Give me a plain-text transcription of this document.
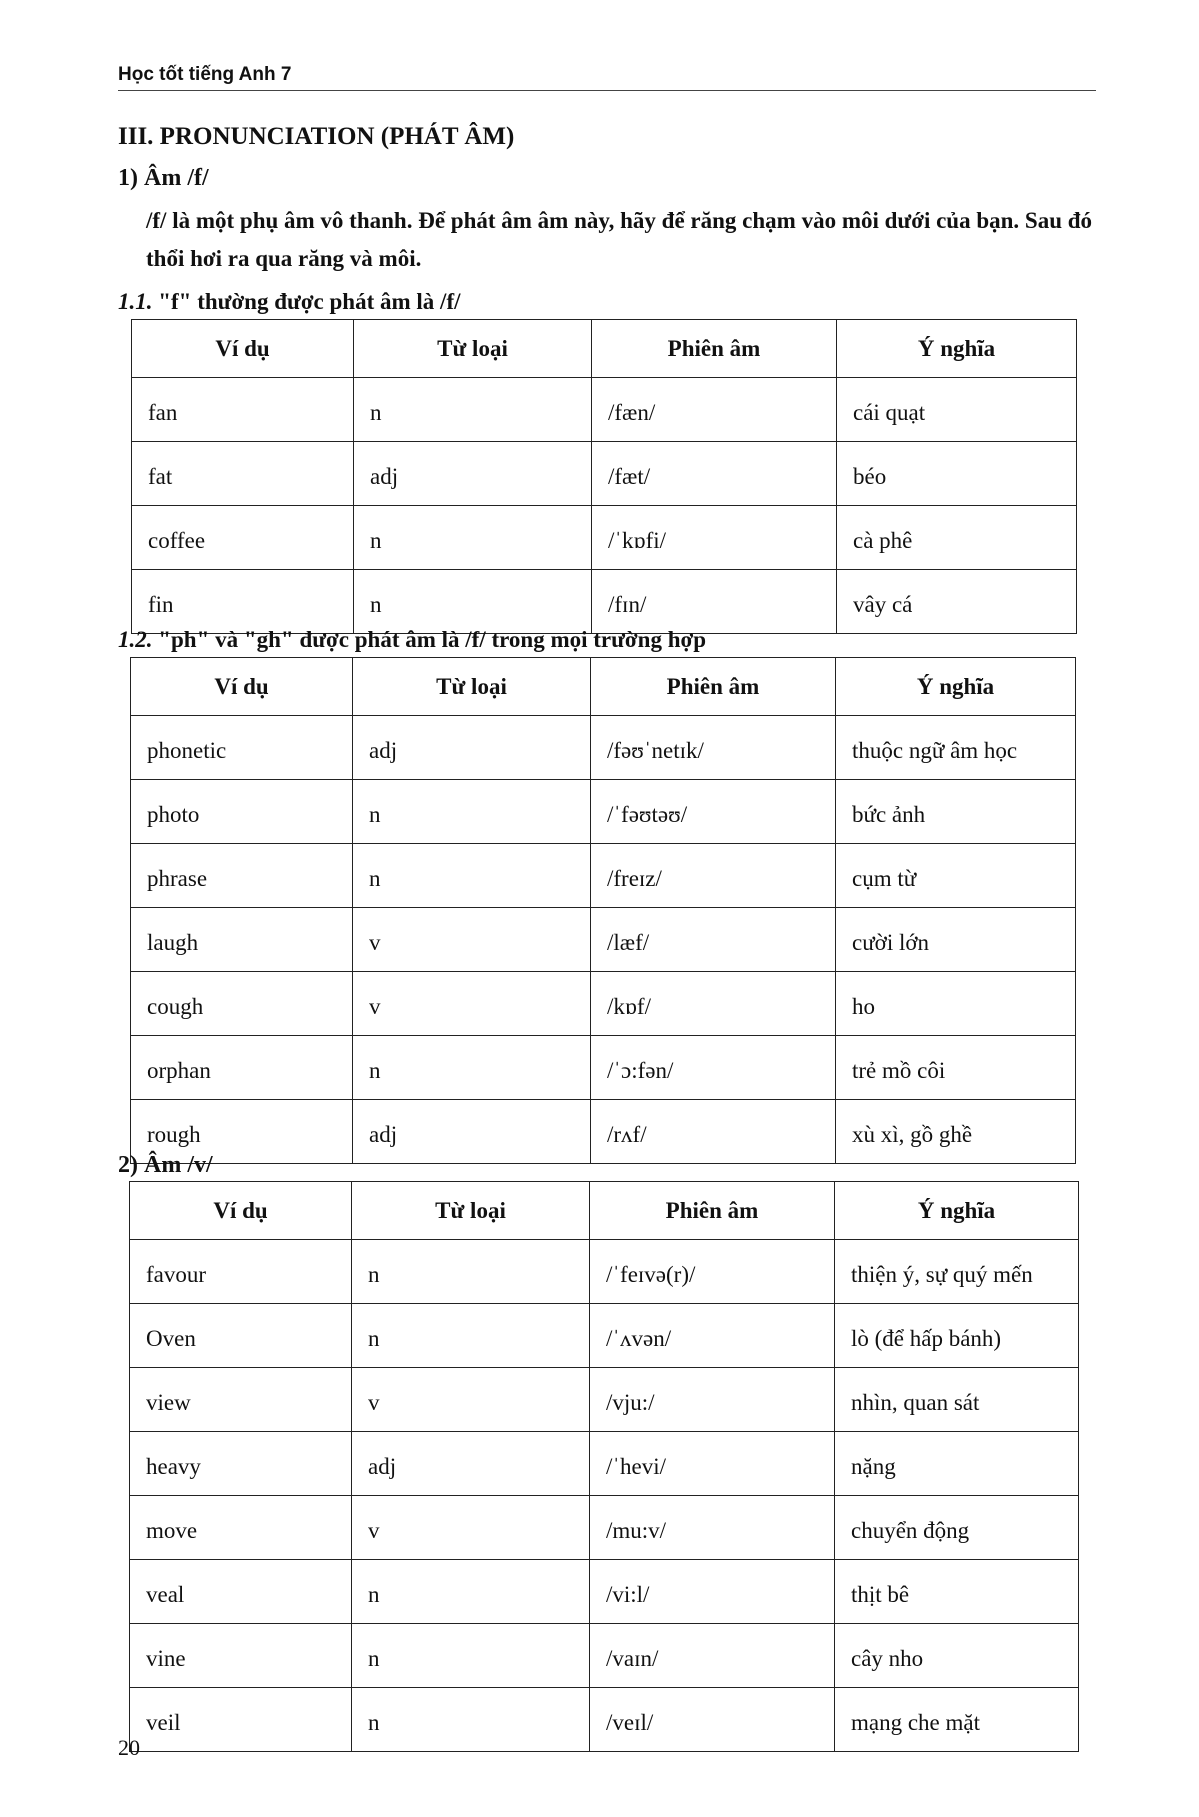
Học tốt tiếng Anh 7
III. PRONUNCIATION (PHÁT ÂM)
1) Âm /f/
/f/ là một phụ âm vô thanh. Để phát âm âm này, hãy để răng chạm vào môi dưới của bạn. Sau đó thổi hơi ra qua răng và môi.
1.1. "f" thường được phát âm là /f/
Ví dụ	Từ loại	Phiên âm	Ý nghĩa
fan	n	/fæn/	cái quạt
fat	adj	/fæt/	béo
coffee	n	/ˈkɒfi/	cà phê
fin	n	/fɪn/	vây cá
1.2. "ph" và "gh" được phát âm là /f/ trong mọi trường hợp
Ví dụ	Từ loại	Phiên âm	Ý nghĩa
phonetic	adj	/fəʊˈnetɪk/	thuộc ngữ âm học
photo	n	/ˈfəʊtəʊ/	bức ảnh
phrase	n	/freɪz/	cụm từ
laugh	v	/læf/	cười lớn
cough	v	/kɒf/	ho
orphan	n	/ˈɔ:fən/	trẻ mồ côi
rough	adj	/rʌf/	xù xì, gồ ghề
2) Âm /v/
Ví dụ	Từ loại	Phiên âm	Ý nghĩa
favour	n	/ˈfeɪvə(r)/	thiện ý, sự quý mến
Oven	n	/ˈʌvən/	lò (để hấp bánh)
view	v	/vju:/	nhìn, quan sát
heavy	adj	/ˈhevi/	nặng
move	v	/mu:v/	chuyển động
veal	n	/vi:l/	thịt bê
vine	n	/vaɪn/	cây nho
veil	n	/veɪl/	mạng che mặt
20
